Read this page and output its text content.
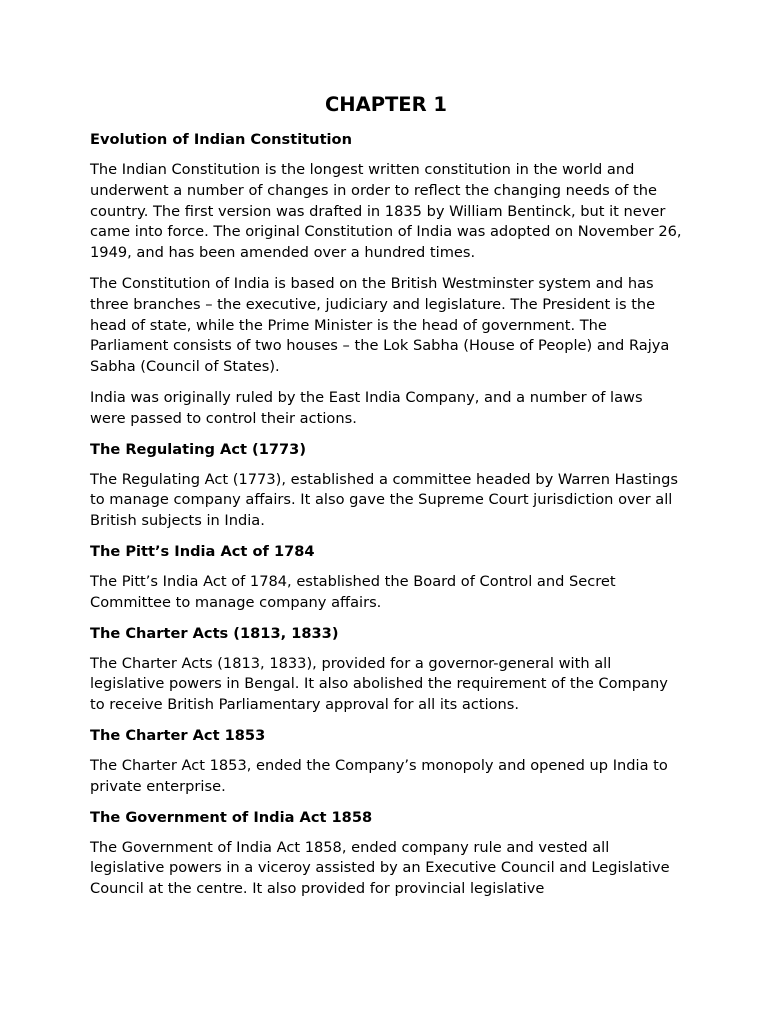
CHAPTER 1
Evolution of Indian Constitution

The Indian Constitution is the longest written constitution in the world and underwent a number of changes in order to reflect the changing needs of the country. The first version was drafted in 1835 by William Bentinck, but it never came into force. The original Constitution of India was adopted on November 26, 1949, and has been amended over a hundred times.

The Constitution of India is based on the British Westminster system and has three branches – the executive, judiciary and legislature. The President is the head of state, while the Prime Minister is the head of government. The Parliament consists of two houses – the Lok Sabha (House of People) and Rajya Sabha (Council of States).

India was originally ruled by the East India Company, and a number of laws were passed to control their actions.

The Regulating Act (1773)

The Regulating Act (1773), established a committee headed by Warren Hastings to manage company affairs. It also gave the Supreme Court jurisdiction over all British subjects in India.

The Pitt’s India Act of 1784

The Pitt’s India Act of 1784, established the Board of Control and Secret Committee to manage company affairs.

The Charter Acts (1813, 1833)

The Charter Acts (1813, 1833), provided for a governor-general with all legislative powers in Bengal. It also abolished the requirement of the Company to receive British Parliamentary approval for all its actions.

The Charter Act 1853

The Charter Act 1853, ended the Company’s monopoly and opened up India to private enterprise.

The Government of India Act 1858

The Government of India Act 1858, ended company rule and vested all legislative powers in a viceroy assisted by an Executive Council and Legislative Council at the centre. It also provided for provincial legislative
